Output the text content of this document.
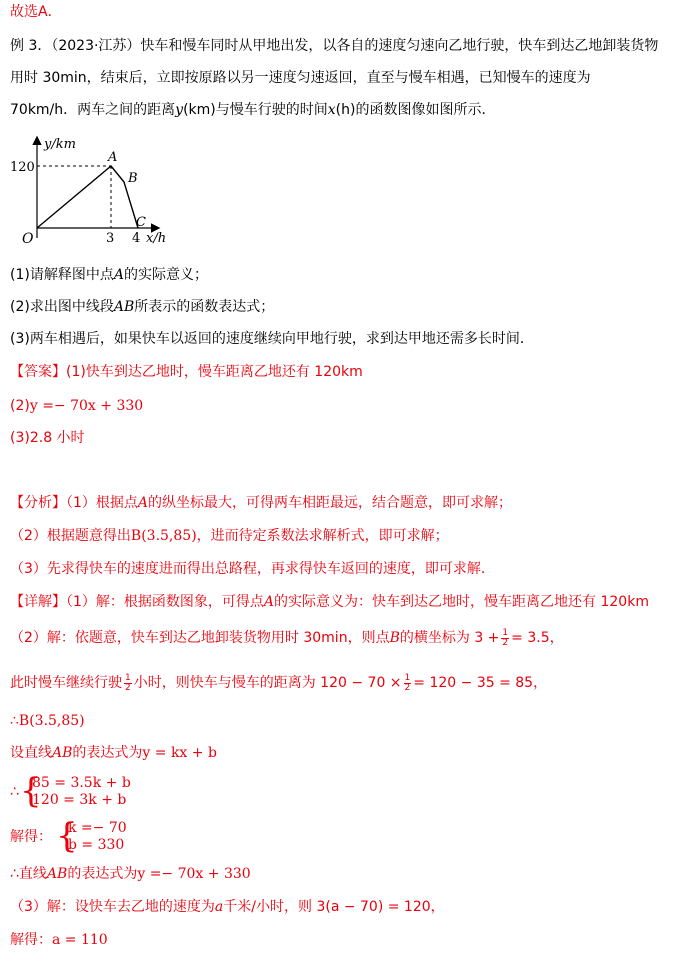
故选A．
例 3．（2023·江苏）快车和慢车同时从甲地出发，以各自的速度匀速向乙地行驶，快车到达乙地卸装货物
用时 30min，结束后，立即按原路以另一速度匀速返回，直至与慢车相遇，已知慢车的速度为
70km/h．两车之间的距离y(km)与慢车行驶的时间x(h)的函数图像如图所示．
y/km
120
O	3 4 x/h
A
B
C
(1)请解释图中点A的实际意义；
(2)求出图中线段AB所表示的函数表达式；
(3)两车相遇后，如果快车以返回的速度继续向甲地行驶，求到达甲地还需多长时间．
【答案】(1)快车到达乙地时，慢车距离乙地还有 120km
(2)y =− 70x + 330
(3)2.8 小时
【分析】（1）根据点A的纵坐标最大，可得两车相距最远，结合题意，即可求解；
（2）根据题意得出B(3.5,85)，进而待定系数法求解析式，即可求解；
（3）先求得快车的速度进而得出总路程，再求得快车返回的速度，即可求解．
【详解】（1）解：根据函数图象，可得点A的实际意义为：快车到达乙地时，慢车距离乙地还有 120km
（2）解：依题意，快车到达乙地卸装货物用时 30min，则点B的横坐标为 $3 + \frac{1}{2} = 3.5$，
此时慢车继续行驶 $\frac{1}{2}$ 小时，则快车与慢车的距离为 $120 - 70 \times \frac{1}{2} = 120 - 35 = 85$，
∴B(3.5,85)
设直线AB的表达式为y = kx + b
∴ {
85 = 3.5k + b
120 = 3k + b
解得： {
k =− 70
b = 330
∴直线AB的表达式为y =− 70x + 330
（3）解：设快车去乙地的速度为a千米/小时，则 3(a − 70) = 120，
解得：a = 110
